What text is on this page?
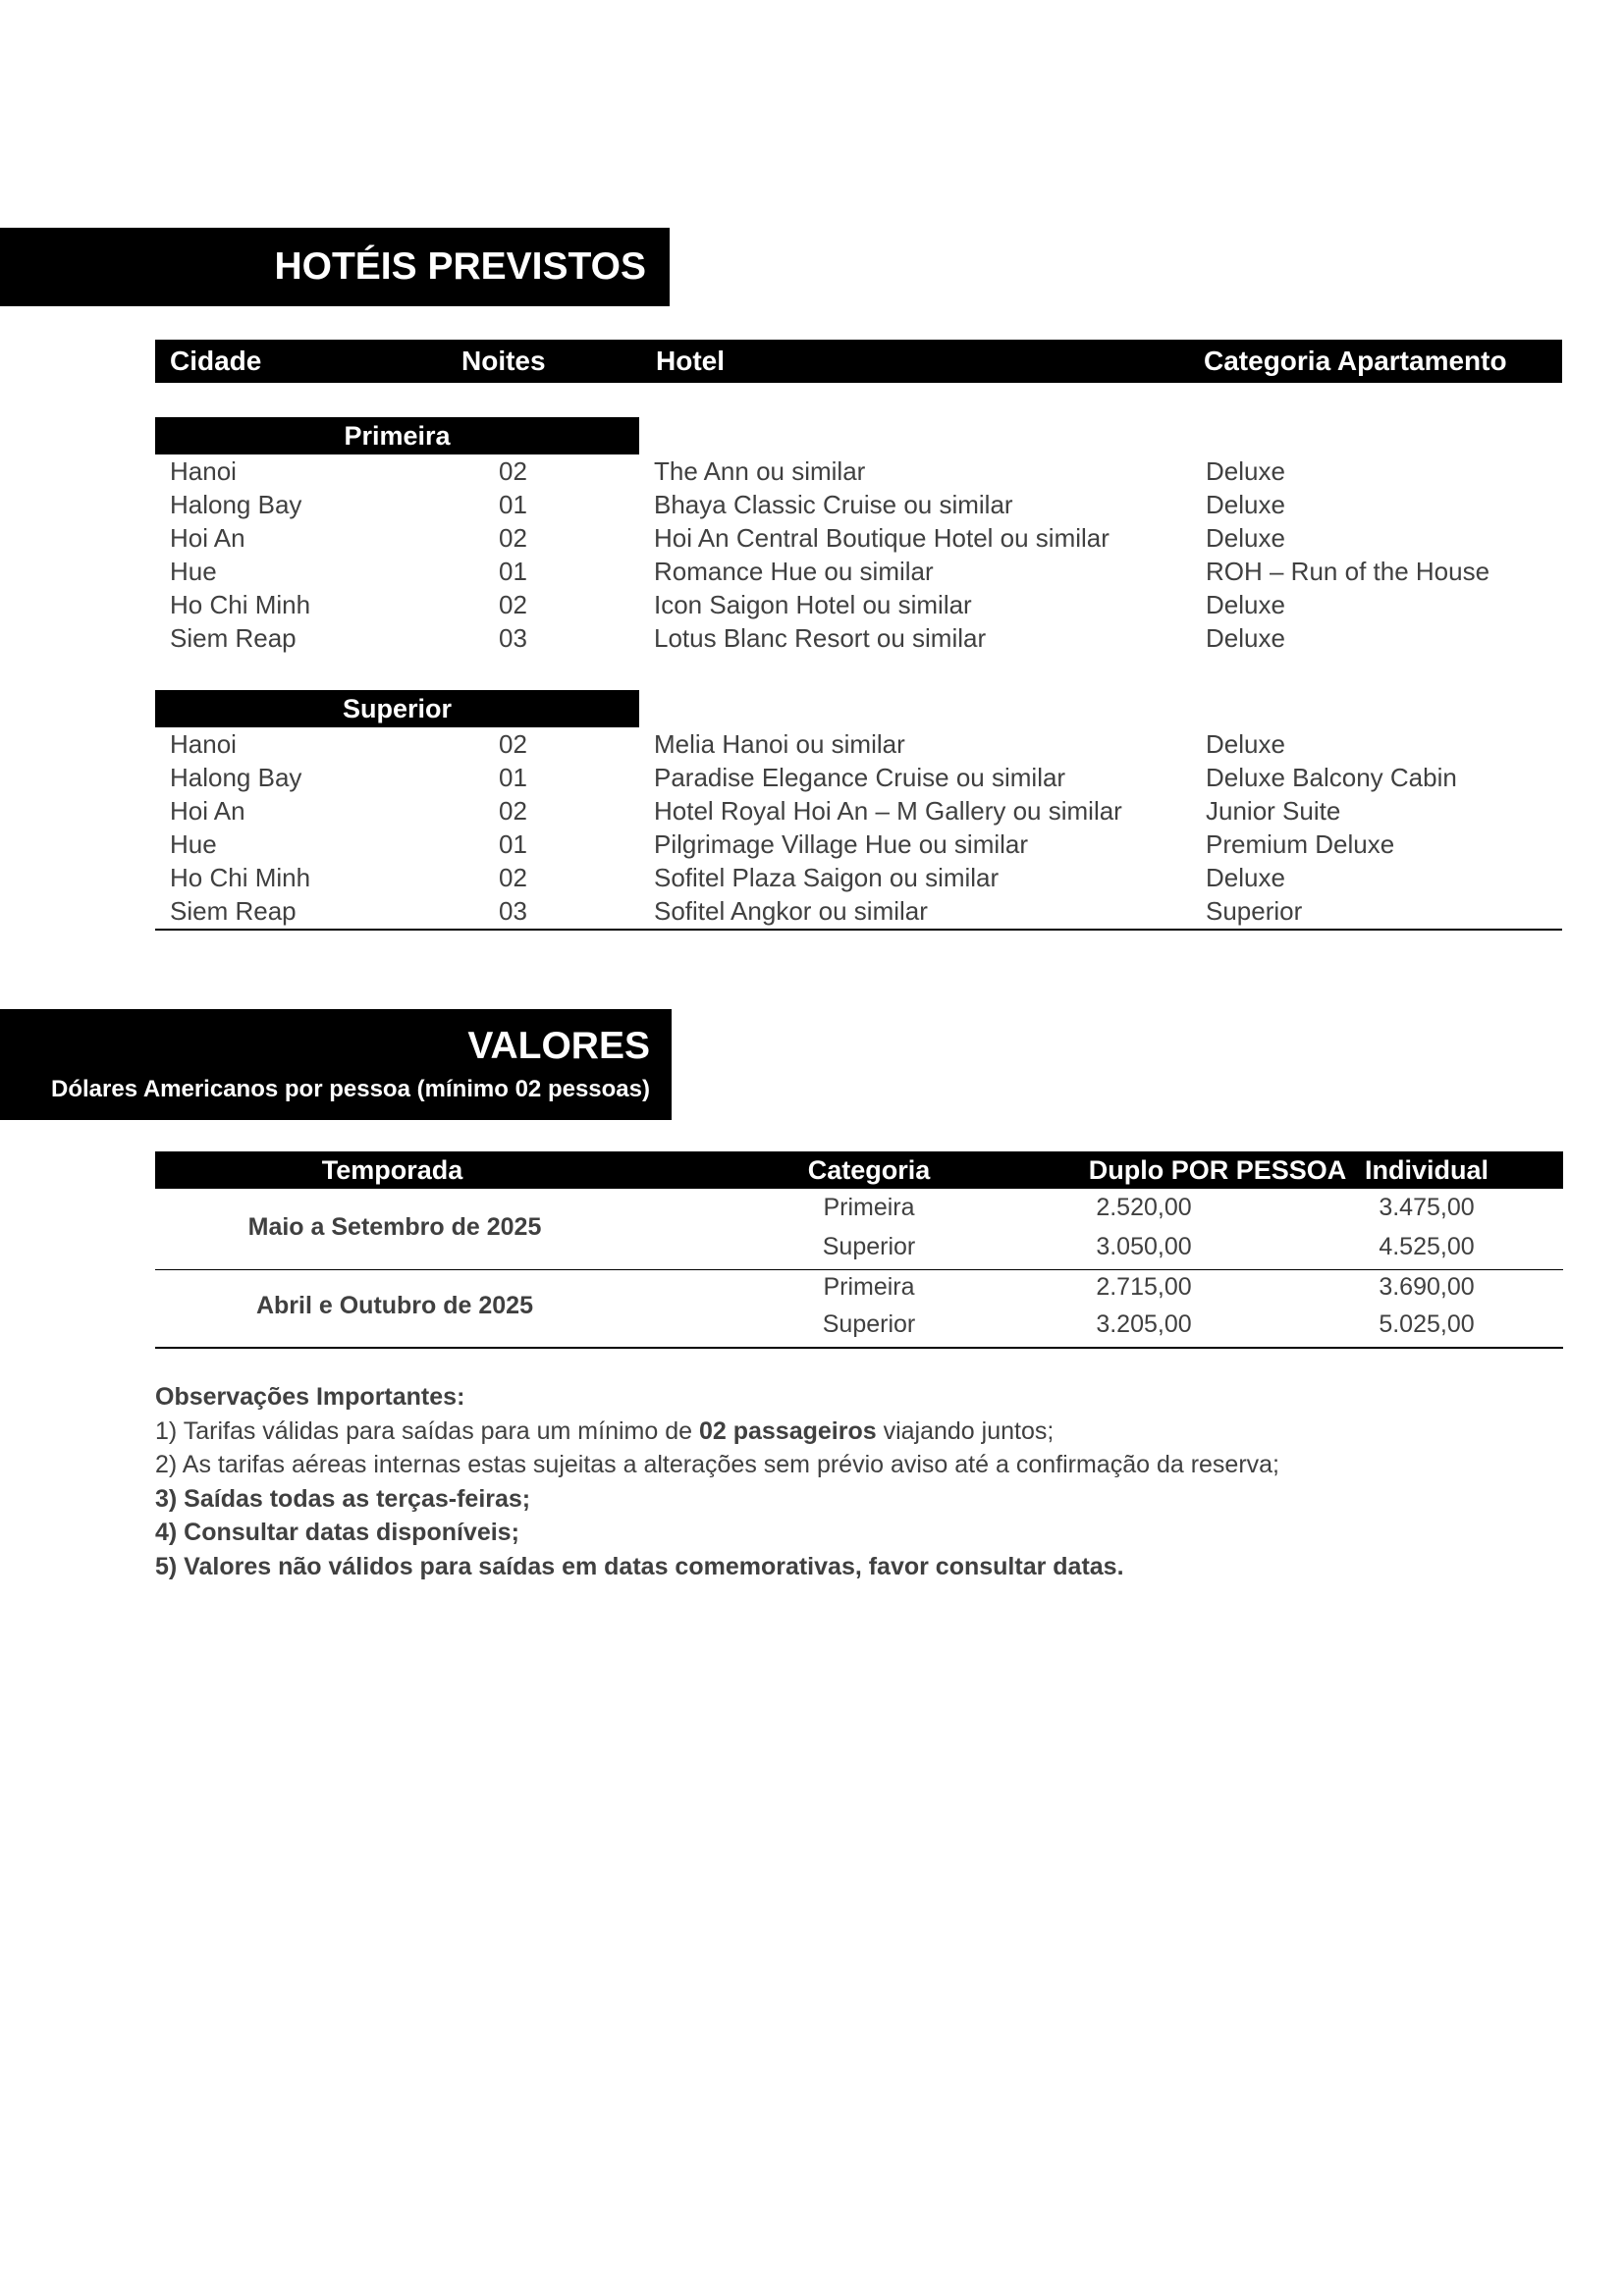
HOTÉIS PREVISTOS
Cidade	Noites	Hotel	Categoria Apartamento
Primeira
Hanoi	02	The Ann ou similar	Deluxe
Halong Bay	01	Bhaya Classic Cruise ou similar	Deluxe
Hoi An	02	Hoi An Central Boutique Hotel ou similar	Deluxe
Hue	01	Romance Hue ou similar	ROH – Run of the House
Ho Chi Minh	02	Icon Saigon Hotel ou similar	Deluxe
Siem Reap	03	Lotus Blanc Resort ou similar	Deluxe
Superior
Hanoi	02	Melia Hanoi ou similar	Deluxe
Halong Bay	01	Paradise Elegance Cruise ou similar	Deluxe Balcony Cabin
Hoi An	02	Hotel Royal Hoi An – M Gallery ou similar	Junior Suite
Hue	01	Pilgrimage Village Hue ou similar	Premium Deluxe
Ho Chi Minh	02	Sofitel Plaza Saigon ou similar	Deluxe
Siem Reap	03	Sofitel Angkor ou similar	Superior
VALORES
Dólares Americanos por pessoa (mínimo 02 pessoas)
Temporada	Categoria	Duplo POR PESSOA Individual
Maio a Setembro de 2025
Primeira	2.520,00	3.475,00
Superior	3.050,00	4.525,00
Abril e Outubro de 2025
Primeira	2.715,00	3.690,00
Superior	3.205,00	5.025,00
Observações Importantes:
1) Tarifas válidas para saídas para um mínimo de 02 passageiros viajando juntos;
2) As tarifas aéreas internas estas sujeitas a alterações sem prévio aviso até a confirmação da reserva;
3) Saídas todas as terças-feiras;
4) Consultar datas disponíveis;
5) Valores não válidos para saídas em datas comemorativas, favor consultar datas.
